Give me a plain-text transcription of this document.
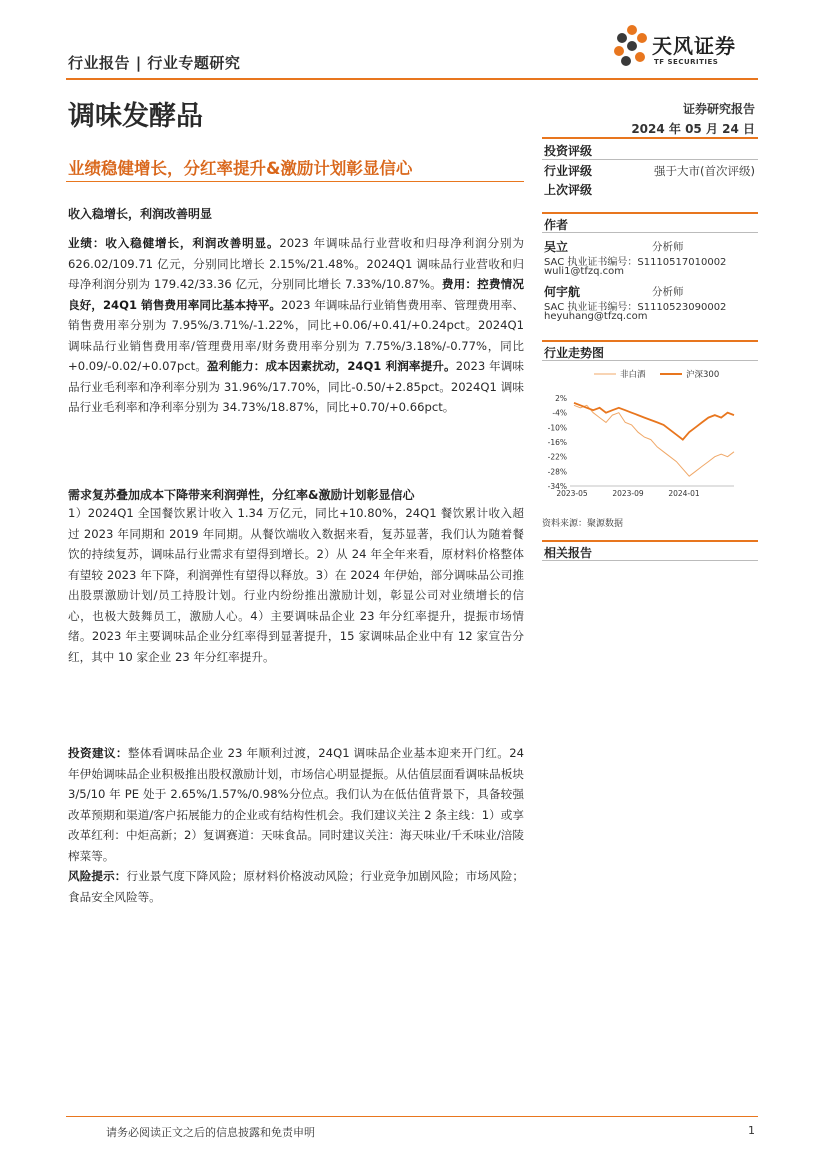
行业报告 | 行业专题研究
天风证券
TF SECURITIES
调味发酵品	证券研究报告
2024 年 05 月 24 日
业绩稳健增长，分红率提升&激励计划彰显信心
收入稳增长，利润改善明显
业绩：收入稳健增长，利润改善明显。2023 年调味品行业营收和归母净利润分别为 626.02/109.71 亿元，分别同比增长 2.15%/21.48%。2024Q1 调味品行业营收和归母净利润分别为 179.42/33.36 亿元，分别同比增长 7.33%/10.87%。费用：控费情况良好，24Q1 销售费用率同比基本持平。2023 年调味品行业销售费用率、管理费用率、销售费用率分别为 7.95%/3.71%/-1.22%，同比+0.06/+0.41/+0.24pct。2024Q1 调味品行业销售费用率/管理费用率/财务费用率分别为 7.75%/3.18%/-0.77%，同比+0.09/-0.02/+0.07pct。盈利能力：成本因素扰动，24Q1 利润率提升。2023 年调味品行业毛利率和净利率分别为 31.96%/17.70%，同比-0.50/+2.85pct。2024Q1 调味品行业毛利率和净利率分别为 34.73%/18.87%，同比+0.70/+0.66pct。
需求复苏叠加成本下降带来利润弹性，分红率&激励计划彰显信心
1）2024Q1 全国餐饮累计收入 1.34 万亿元，同比+10.80%，24Q1 餐饮累计收入超过 2023 年同期和 2019 年同期。从餐饮端收入数据来看，复苏显著，我们认为随着餐饮的持续复苏，调味品行业需求有望得到增长。2）从 24 年全年来看，原材料价格整体有望较 2023 年下降，利润弹性有望得以释放。3）在 2024 年伊始，部分调味品公司推出股票激励计划/员工持股计划。行业内纷纷推出激励计划，彰显公司对业绩增长的信心，也极大鼓舞员工，激励人心。4）主要调味品企业 23 年分红率提升，提振市场情绪。2023 年主要调味品企业分红率得到显著提升，15 家调味品企业中有 12 家宣告分红，其中 10 家企业 23 年分红率提升。
投资建议：整体看调味品企业 23 年顺利过渡，24Q1 调味品企业基本迎来开门红。24 年伊始调味品企业积极推出股权激励计划，市场信心明显提振。从估值层面看调味品板块 3/5/10 年 PE 处于 2.65%/1.57%/0.98%分位点。我们认为在低估值背景下，具备较强改革预期和渠道/客户拓展能力的企业或有结构性机会。我们建议关注 2 条主线：1）或享改革红利：中炬高新；2）复调赛道：天味食品。同时建议关注：海天味业/千禾味业/涪陵榨菜等。
风险提示：行业景气度下降风险；原材料价格波动风险；行业竞争加剧风险；市场风险；食品安全风险等。
投资评级
行业评级	强于大市(首次评级)
上次评级
作者
吴立	分析师
SAC 执业证书编号：S1110517010002
wuli1@tfzq.com
何宇航	分析师
SAC 执业证书编号：S1110523090002
heyuhang@tfzq.com
行业走势图
非白酒	沪深300
2%
-4%
-10%
-16%
-22%
-28%
-34%
2023-05	2023-09	2024-01
资料来源：聚源数据
相关报告
请务必阅读正文之后的信息披露和免责申明	1
